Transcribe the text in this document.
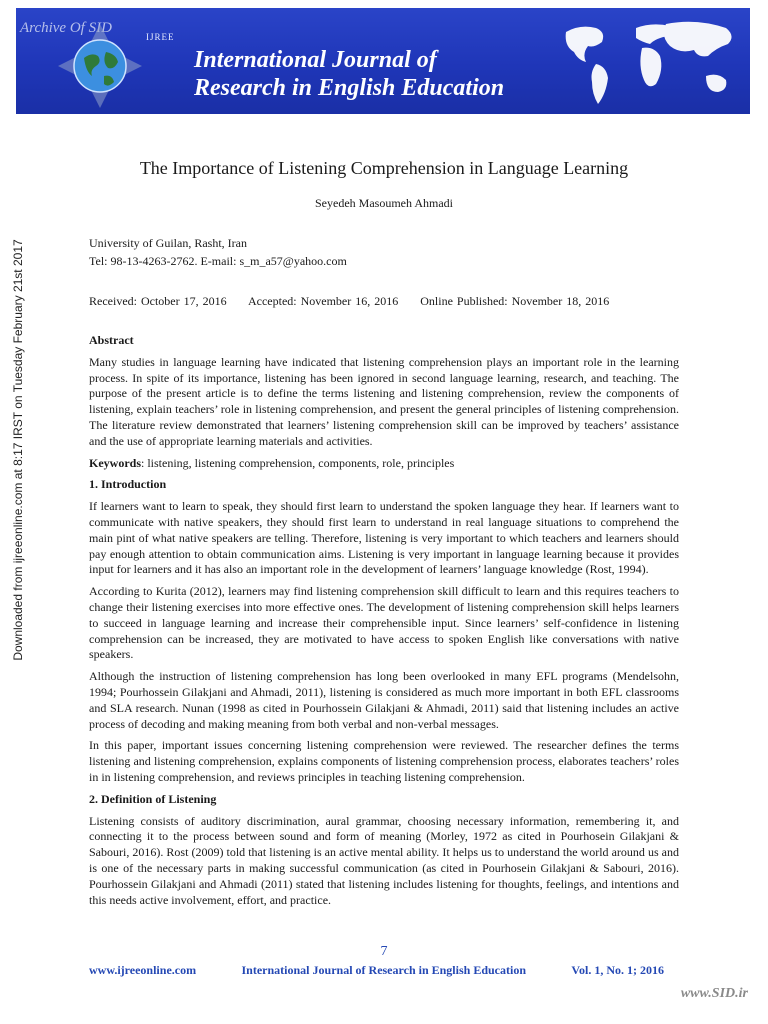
Archive Of SID
IJREE
International Journal of
Research in English Education
Downloaded from ijreeonline.com at 8:17 IRST on Tuesday February 21st 2017
The Importance of Listening Comprehension in Language Learning
Seyedeh Masoumeh Ahmadi
University of Guilan, Rasht, Iran
Tel: 98-13-4263-2762. E-mail: s_m_a57@yahoo.com
Received: October 17, 2016 Accepted: November 16, 2016 Online Published: November 18, 2016
Abstract

Many studies in language learning have indicated that listening comprehension plays an important role in the learning process. In spite of its importance, listening has been ignored in second language learning, research, and teaching. The purpose of the present article is to define the terms listening and listening comprehension, review the components of listening, explain teachers’ role in listening comprehension, and present the general principles of listening comprehension. The literature review demonstrated that learners’ listening comprehension skill can be improved by teachers’ assistance and the use of appropriate learning materials and activities.

Keywords: listening, listening comprehension, components, role, principles
1. Introduction

If learners want to learn to speak, they should first learn to understand the spoken language they hear. If learners want to communicate with native speakers, they should first learn to understand in real language situations to comprehend the main pint of what native speakers are telling. Therefore, listening is very important to which teachers and learners should pay enough attention to obtain communication aims. Listening is very important in language learning because it provides input for learners and it has also an important role in the development of learners’ language knowledge (Rost, 1994).

According to Kurita (2012), learners may find listening comprehension skill difficult to learn and this requires teachers to change their listening exercises into more effective ones. The development of listening comprehension skill helps learners to succeed in language learning and increase their comprehensible input. Since learners’ self-confidence in listening comprehension can be increased, they are motivated to have access to spoken English like conversations with native speakers.

Although the instruction of listening comprehension has long been overlooked in many EFL programs (Mendelsohn, 1994; Pourhossein Gilakjani and Ahmadi, 2011), listening is considered as much more important in both EFL classrooms and SLA research. Nunan (1998 as cited in Pourhossein Gilakjani & Ahmadi, 2011) said that listening includes an active process of decoding and making meaning from both verbal and non-verbal messages.

In this paper, important issues concerning listening comprehension were reviewed. The researcher defines the terms listening and listening comprehension, explains components of listening comprehension process, elaborates teachers’ roles in in listening comprehension, and reviews principles in teaching listening comprehension.

2. Definition of Listening

Listening consists of auditory discrimination, aural grammar, choosing necessary information, remembering it, and connecting it to the process between sound and form of meaning (Morley, 1972 as cited in Pourhosein Gilakjani & Sabouri, 2016). Rost (2009) told that listening is an active mental ability. It helps us to understand the world around us and is one of the necessary parts in making successful communication (as cited in Pourhosein Gilakjani & Sabouri, 2016). Pourhossein Gilakjani and Ahmadi (2011) stated that listening includes listening for thoughts, feelings, and intentions and this needs active involvement, effort, and practice.

7
www.ijreeonline.com	International Journal of Research in English Education	Vol. 1, No. 1; 2016
www.SID.ir
